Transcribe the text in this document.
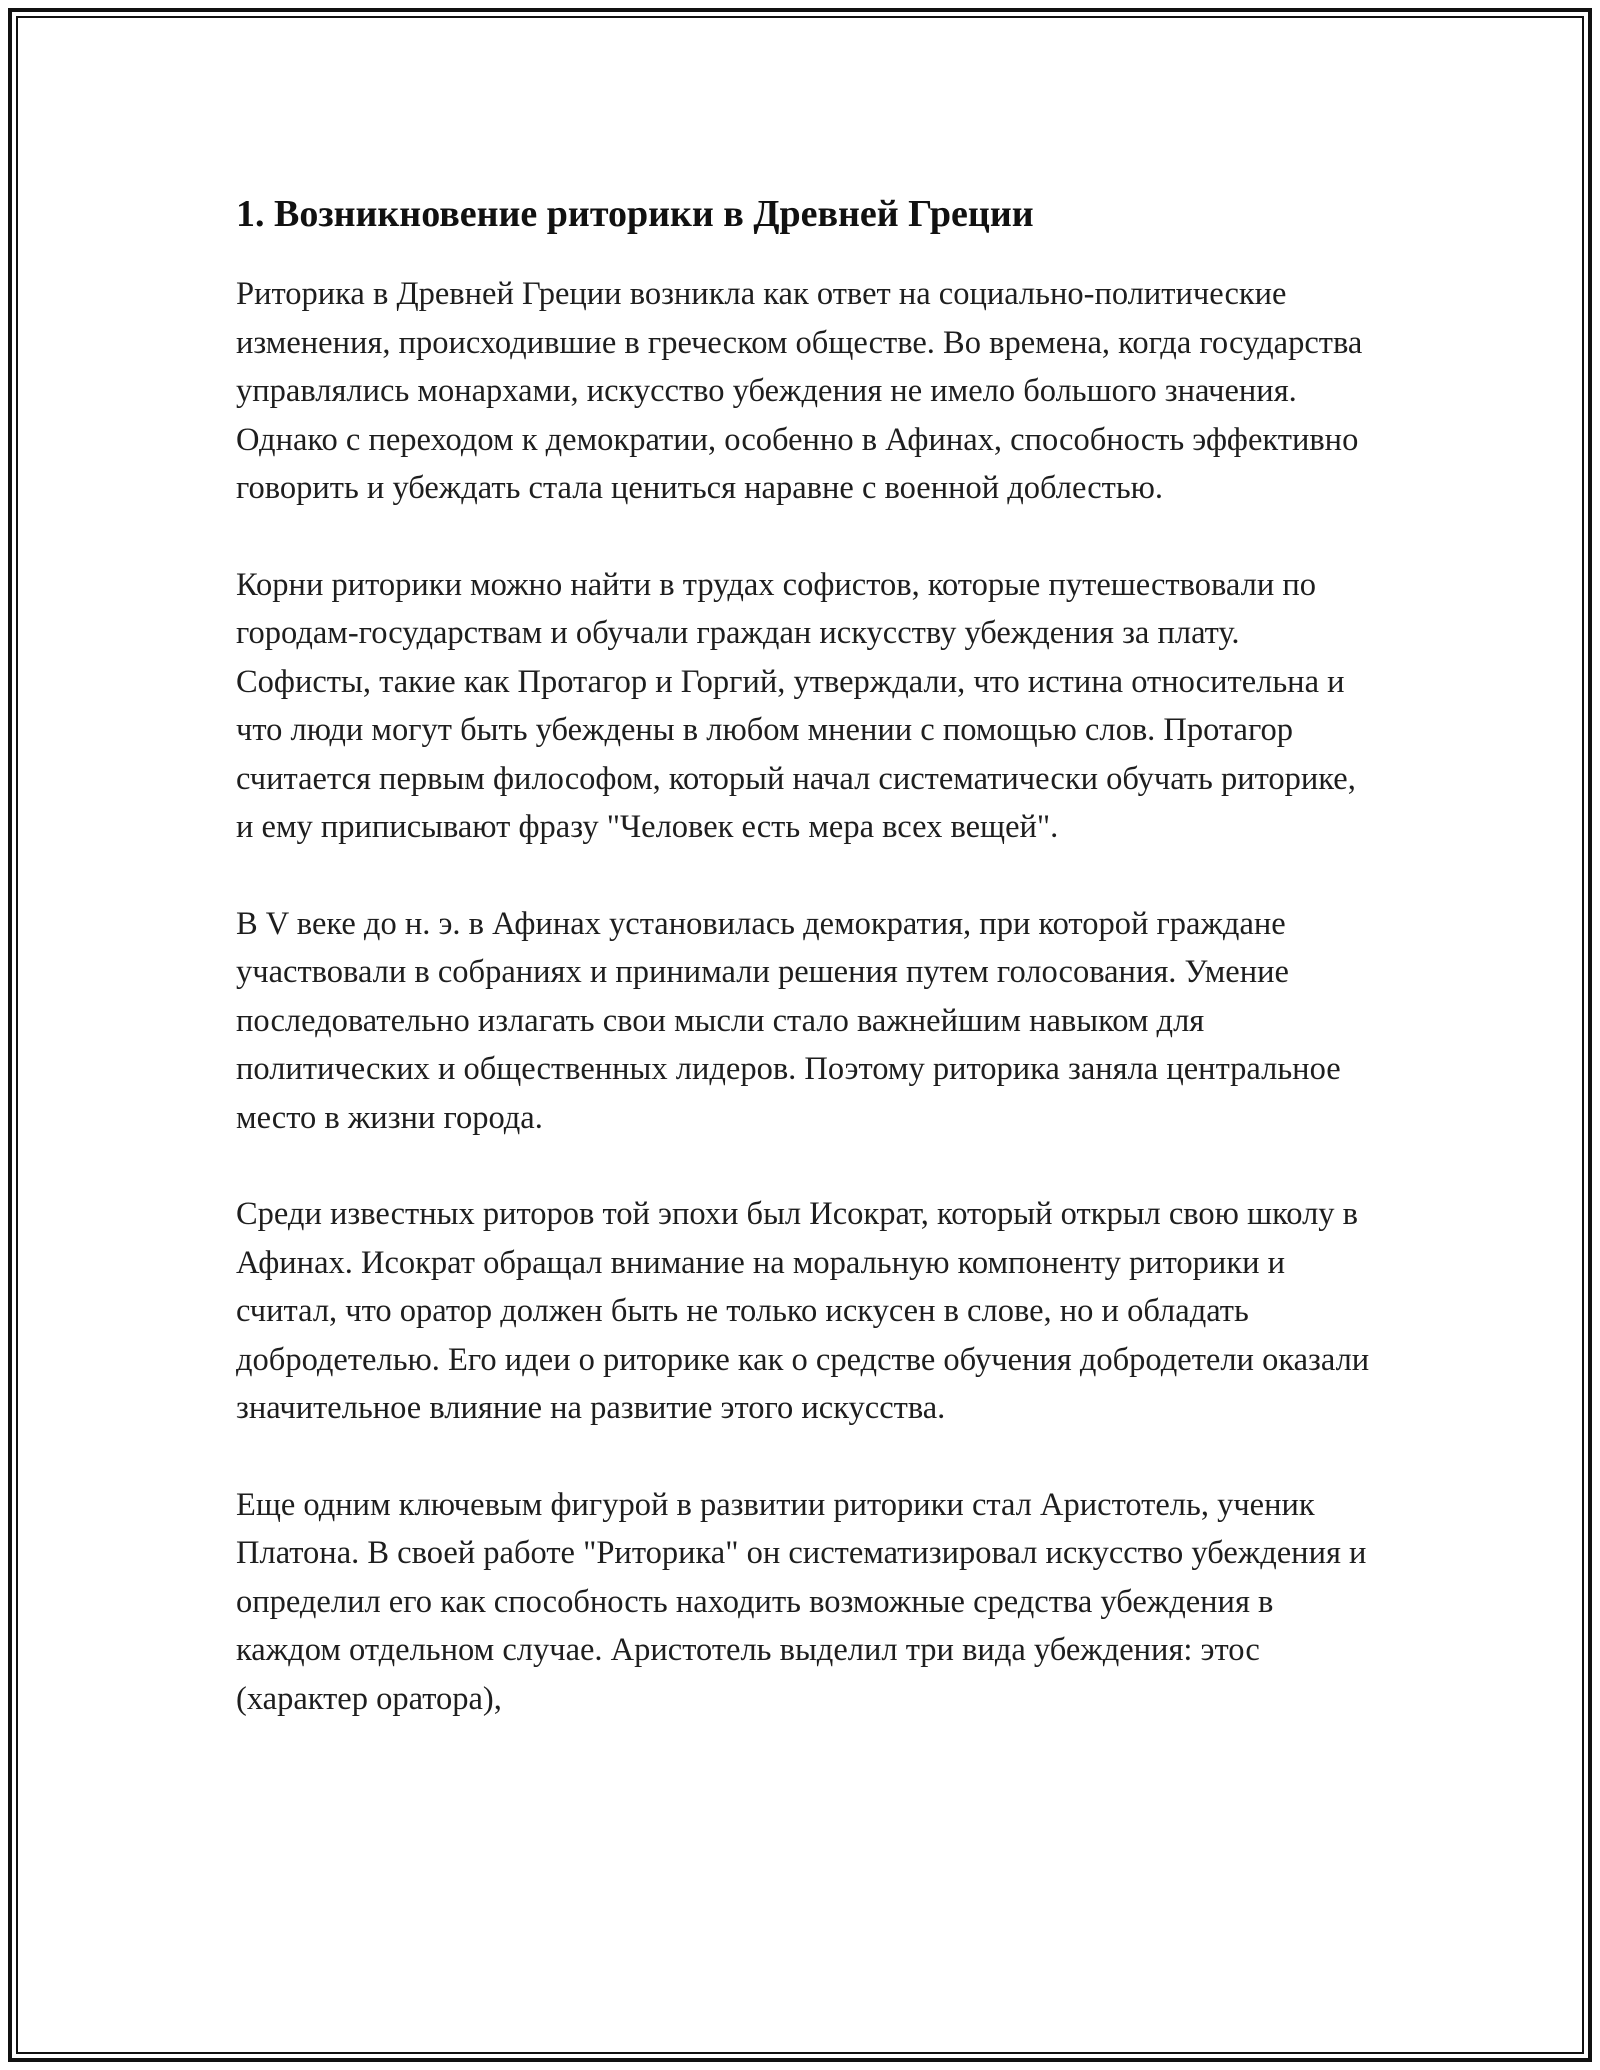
1. Возникновение риторики в Древней Греции

Риторика в Древней Греции возникла как ответ на социально-политические изменения, происходившие в греческом обществе. Во времена, когда государства управлялись монархами, искусство убеждения не имело большого значения. Однако с переходом к демократии, особенно в Афинах, способность эффективно говорить и убеждать стала цениться наравне с военной доблестью.

Корни риторики можно найти в трудах софистов, которые путешествовали по городам-государствам и обучали граждан искусству убеждения за плату. Софисты, такие как Протагор и Горгий, утверждали, что истина относительна и что люди могут быть убеждены в любом мнении с помощью слов. Протагор считается первым философом, который начал систематически обучать риторике, и ему приписывают фразу "Человек есть мера всех вещей".

В V веке до н. э. в Афинах установилась демократия, при которой граждане участвовали в собраниях и принимали решения путем голосования. Умение последовательно излагать свои мысли стало важнейшим навыком для политических и общественных лидеров. Поэтому риторика заняла центральное место в жизни города.

Среди известных риторов той эпохи был Исократ, который открыл свою школу в Афинах. Исократ обращал внимание на моральную компоненту риторики и считал, что оратор должен быть не только искусен в слове, но и обладать добродетелью. Его идеи о риторике как о средстве обучения добродетели оказали значительное влияние на развитие этого искусства.

Еще одним ключевым фигурой в развитии риторики стал Аристотель, ученик Платона. В своей работе "Риторика" он систематизировал искусство убеждения и определил его как способность находить возможные средства убеждения в каждом отдельном случае. Аристотель выделил три вида убеждения: этос (характер оратора),
